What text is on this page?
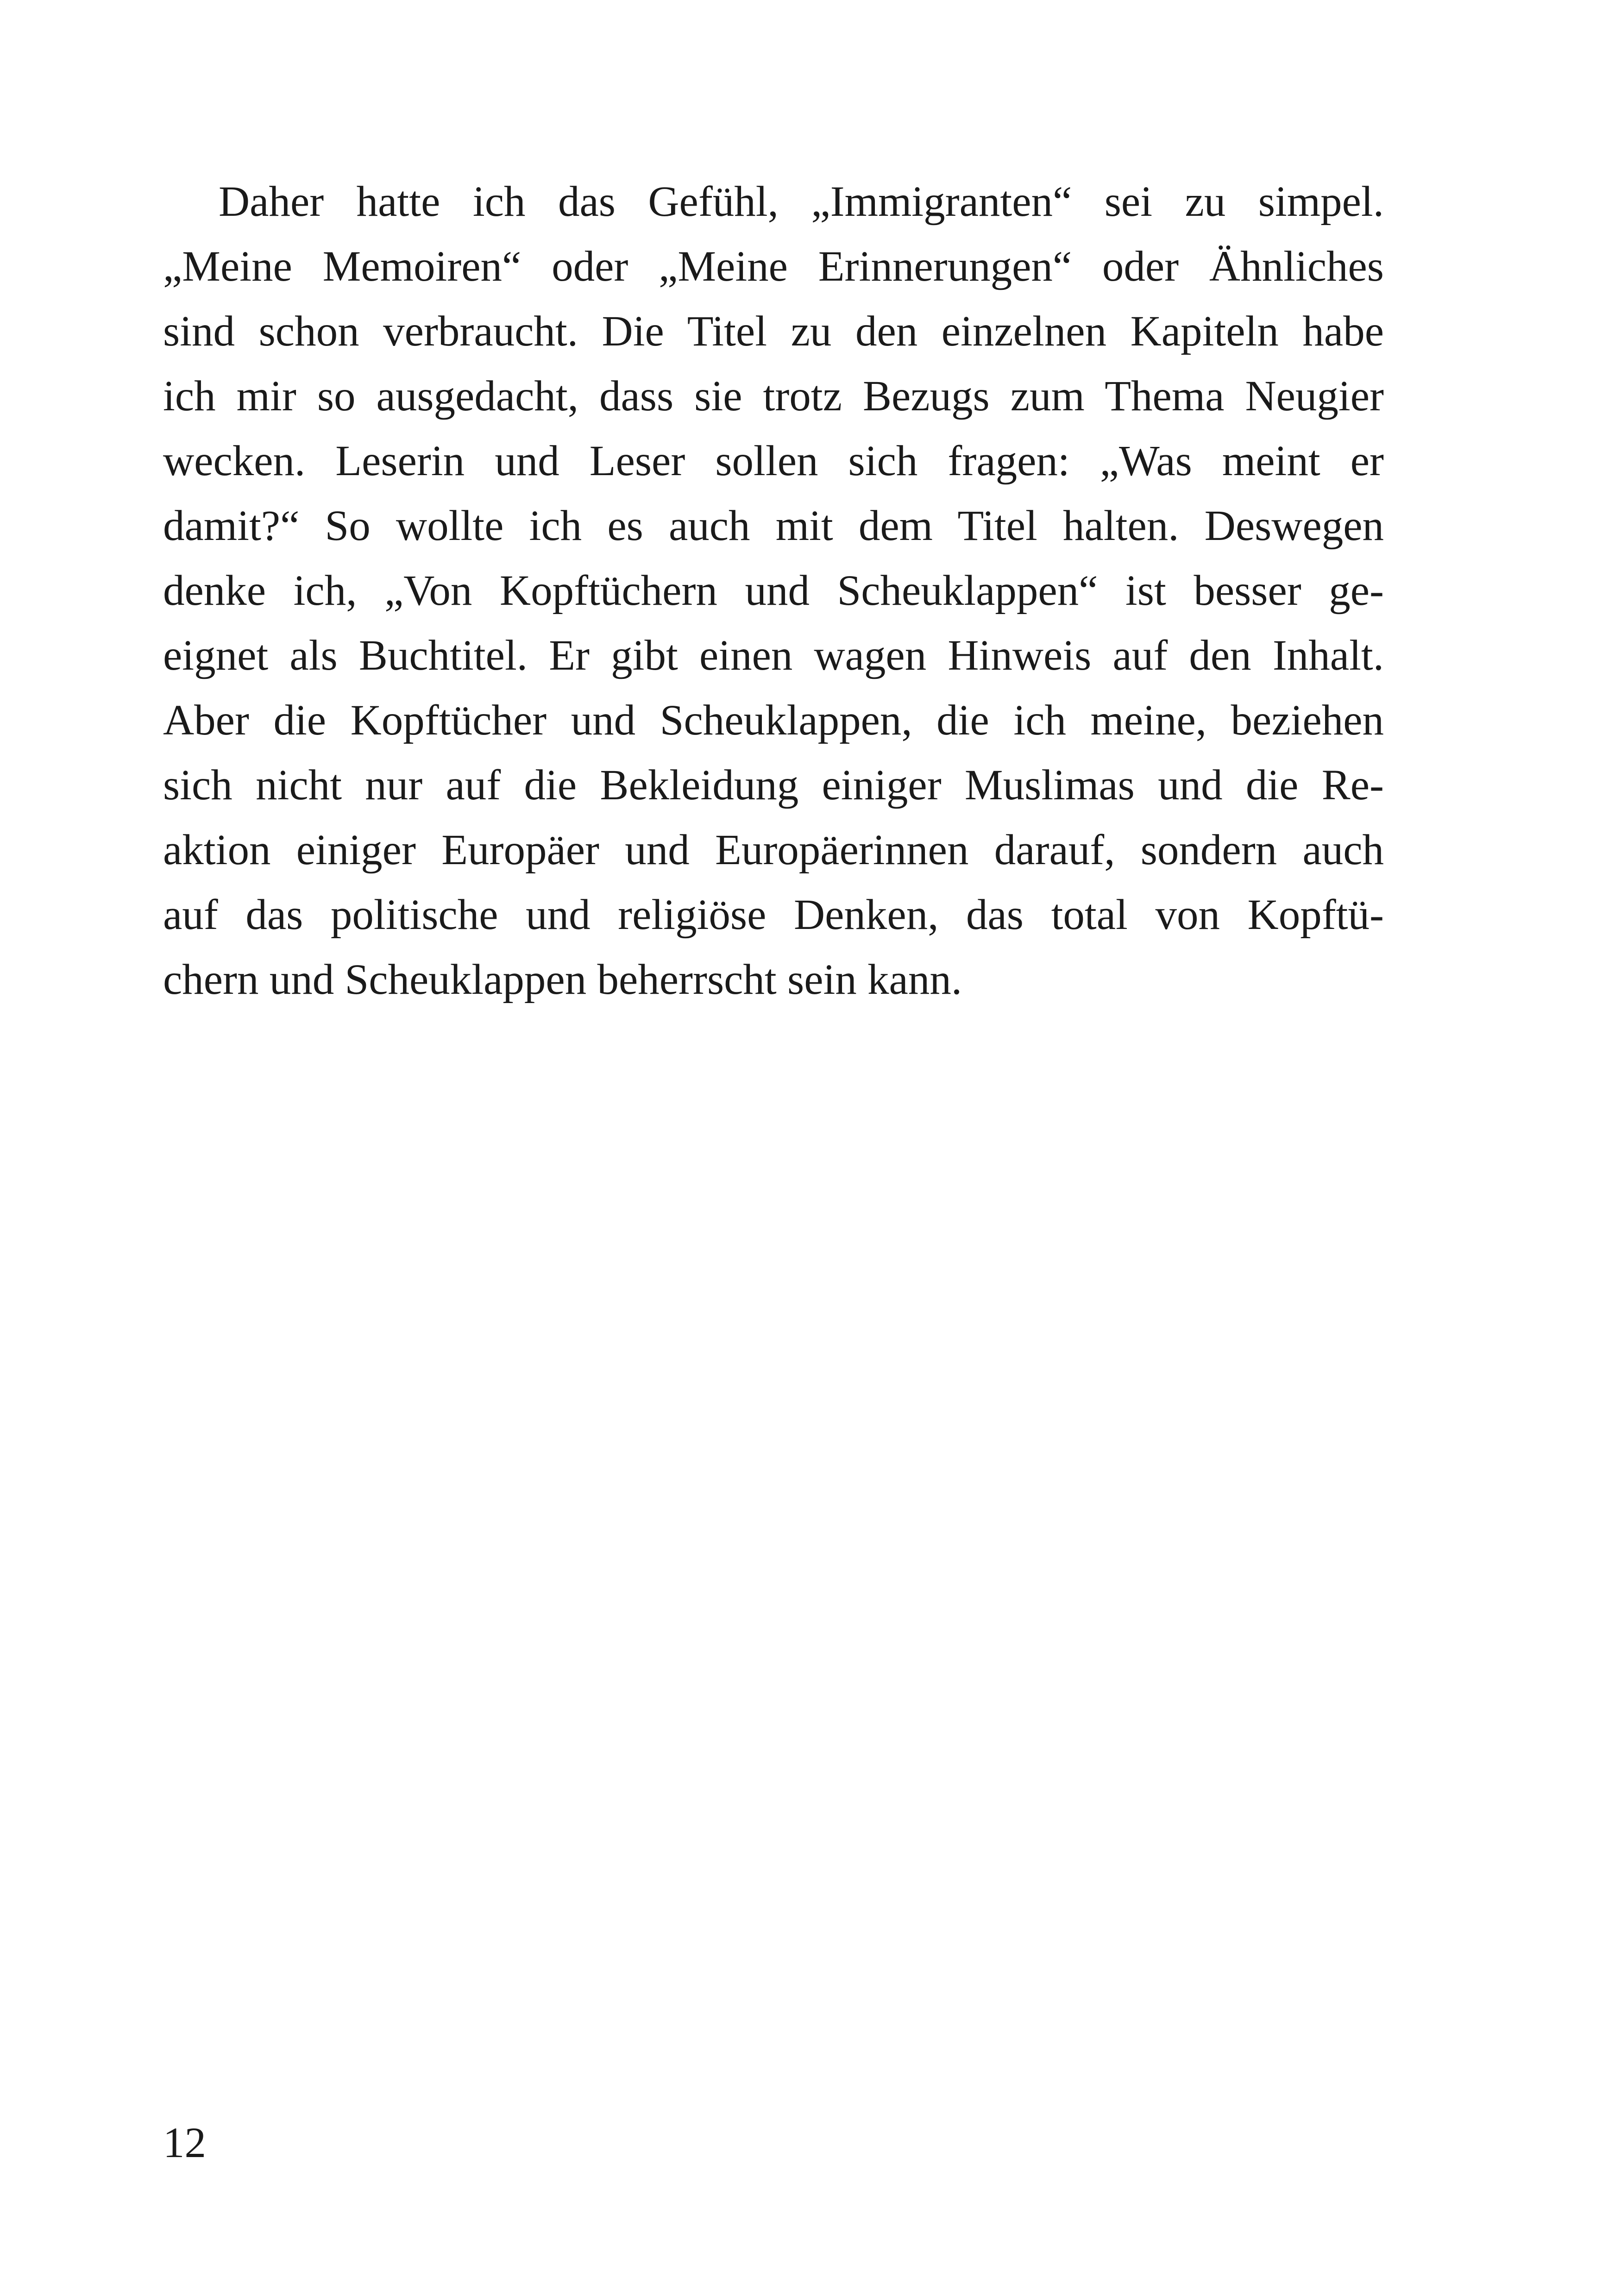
Daher hatte ich das Gefühl, „Immigranten“ sei zu simpel.
„Meine Memoiren“ oder „Meine Erinnerungen“ oder Ähnliches
sind schon verbraucht. Die Titel zu den einzelnen Kapiteln habe
ich mir so ausgedacht, dass sie trotz Bezugs zum Thema Neugier
wecken. Leserin und Leser sollen sich fragen: „Was meint er
damit?“ So wollte ich es auch mit dem Titel halten. Deswegen
denke ich, „Von Kopftüchern und Scheuklappen“ ist besser ge-
eignet als Buchtitel. Er gibt einen wagen Hinweis auf den Inhalt.
Aber die Kopftücher und Scheuklappen, die ich meine, beziehen
sich nicht nur auf die Bekleidung einiger Muslimas und die Re-
aktion einiger Europäer und Europäerinnen darauf, sondern auch
auf das politische und religiöse Denken, das total von Kopftü-
chern und Scheuklappen beherrscht sein kann.
12
